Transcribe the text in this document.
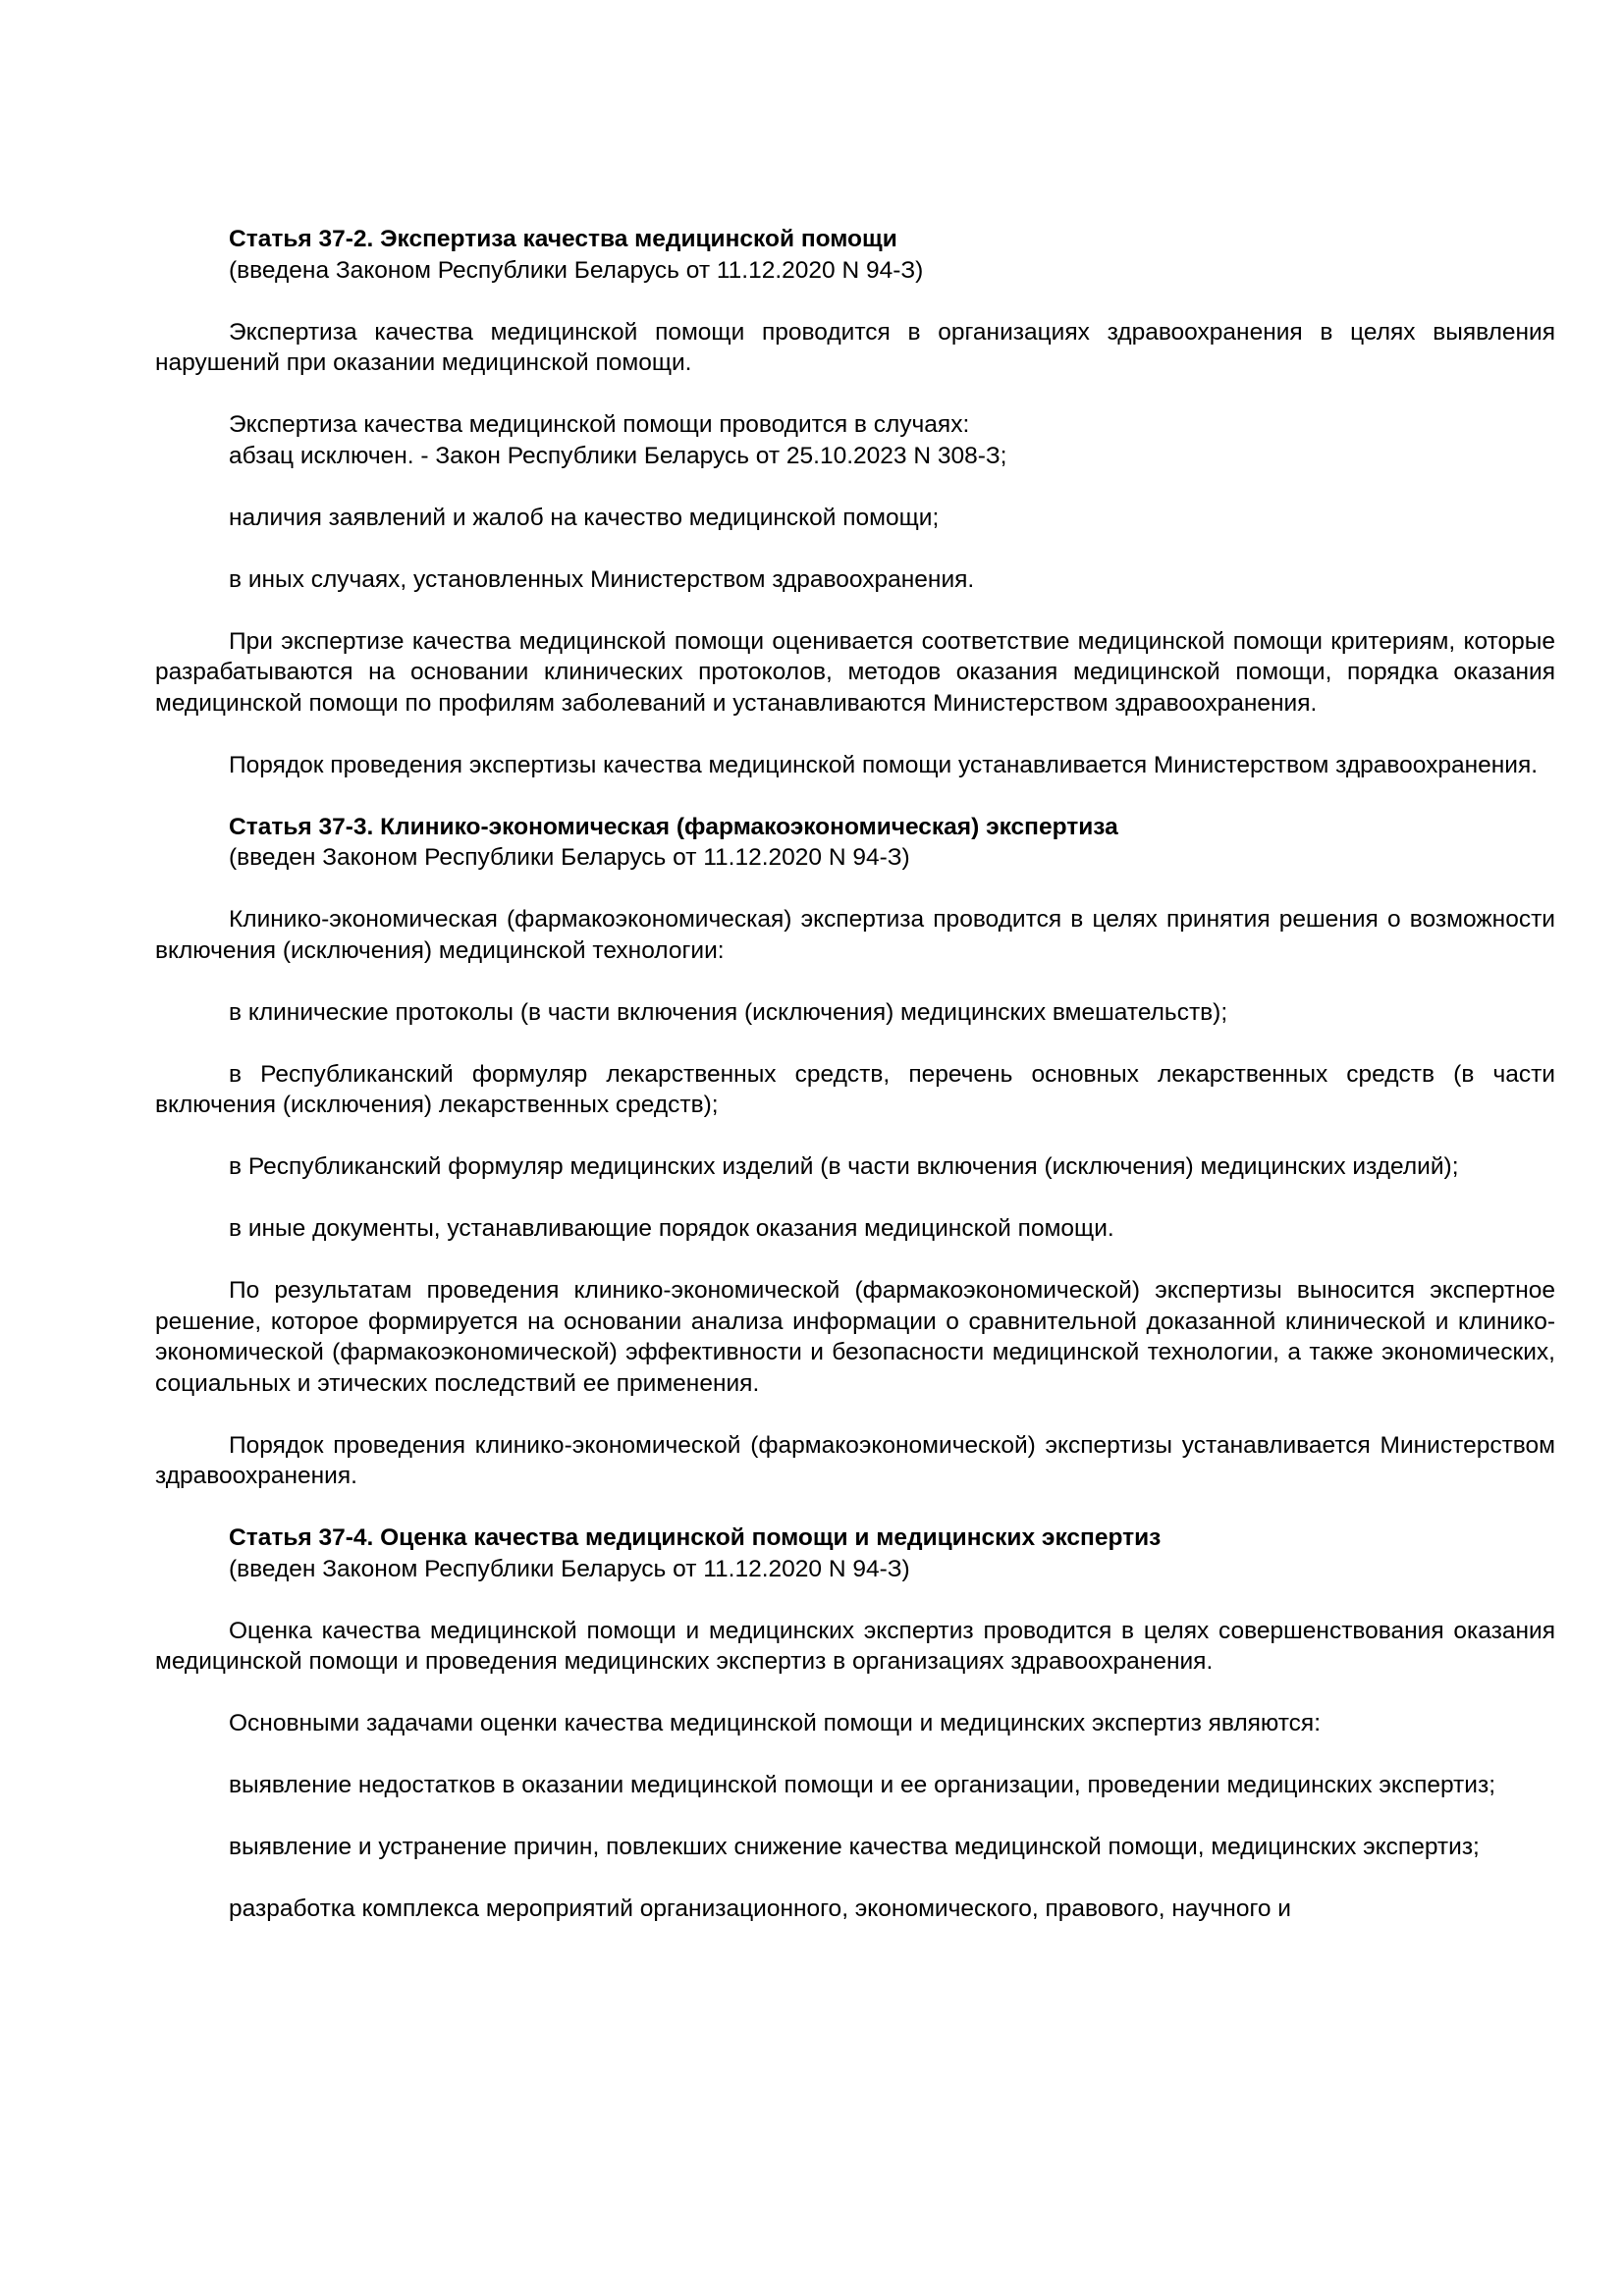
Статья 37-2. Экспертиза качества медицинской помощи

(введена Законом Республики Беларусь от 11.12.2020 N 94-З)

Экспертиза качества медицинской помощи проводится в организациях здравоохранения в целях выявления нарушений при оказании медицинской помощи.

Экспертиза качества медицинской помощи проводится в случаях:

абзац исключен. - Закон Республики Беларусь от 25.10.2023 N 308-З;

наличия заявлений и жалоб на качество медицинской помощи;

в иных случаях, установленных Министерством здравоохранения.

При экспертизе качества медицинской помощи оценивается соответствие медицинской помощи критериям, которые разрабатываются на основании клинических протоколов, методов оказания медицинской помощи, порядка оказания медицинской помощи по профилям заболеваний и устанавливаются Министерством здравоохранения.

Порядок проведения экспертизы качества медицинской помощи устанавливается Министерством здравоохранения.

Статья 37-3. Клинико-экономическая (фармакоэкономическая) экспертиза

(введен Законом Республики Беларусь от 11.12.2020 N 94-З)

Клинико-экономическая (фармакоэкономическая) экспертиза проводится в целях принятия решения о возможности включения (исключения) медицинской технологии:

в клинические протоколы (в части включения (исключения) медицинских вмешательств);

в Республиканский формуляр лекарственных средств, перечень основных лекарственных средств (в части включения (исключения) лекарственных средств);

в Республиканский формуляр медицинских изделий (в части включения (исключения) медицинских изделий);

в иные документы, устанавливающие порядок оказания медицинской помощи.

По результатам проведения клинико-экономической (фармакоэкономической) экспертизы выносится экспертное решение, которое формируется на основании анализа информации о сравнительной доказанной клинической и клинико-экономической (фармакоэкономической) эффективности и безопасности медицинской технологии, а также экономических, социальных и этических последствий ее применения.

Порядок проведения клинико-экономической (фармакоэкономической) экспертизы устанавливается Министерством здравоохранения.

Статья 37-4. Оценка качества медицинской помощи и медицинских экспертиз

(введен Законом Республики Беларусь от 11.12.2020 N 94-З)

Оценка качества медицинской помощи и медицинских экспертиз проводится в целях совершенствования оказания медицинской помощи и проведения медицинских экспертиз в организациях здравоохранения.

Основными задачами оценки качества медицинской помощи и медицинских экспертиз являются:

выявление недостатков в оказании медицинской помощи и ее организации, проведении медицинских экспертиз;

выявление и устранение причин, повлекших снижение качества медицинской помощи, медицинских экспертиз;

разработка комплекса мероприятий организационного, экономического, правового, научного и
